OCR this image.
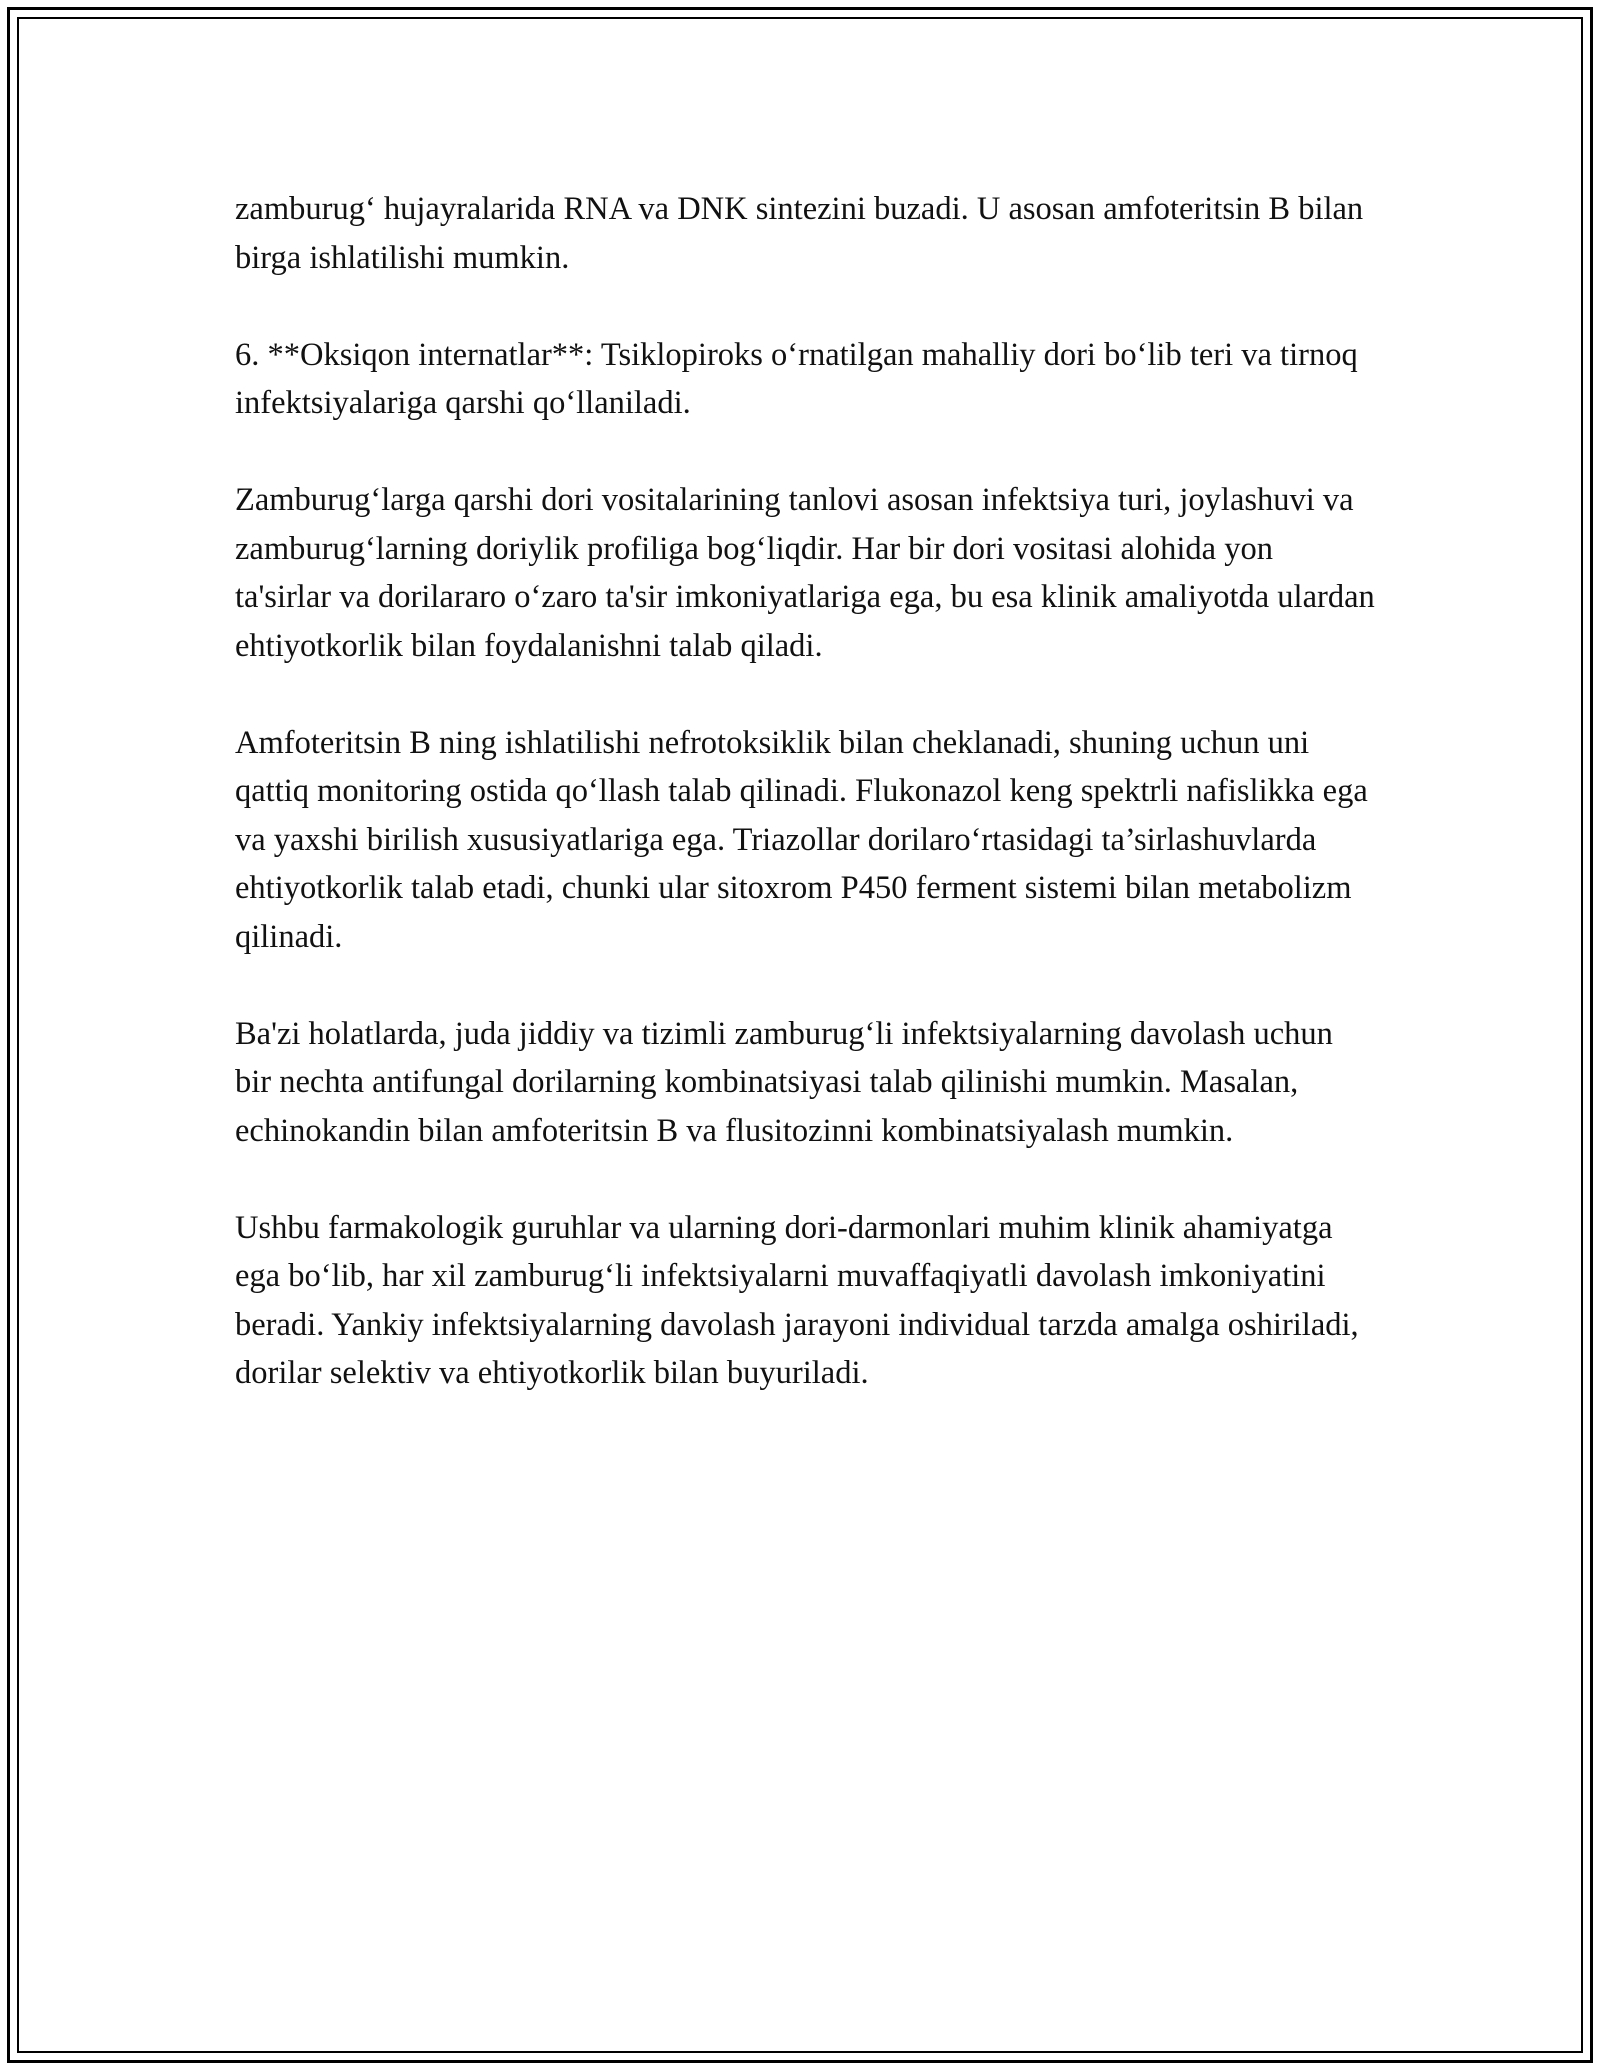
zamburug‘ hujayralarida RNA va DNK sintezini buzadi. U asosan amfoteritsin B bilan birga ishlatilishi mumkin.

6. **Oksiqon internatlar**: Tsiklopiroks o‘rnatilgan mahalliy dori bo‘lib teri va tirnoq infektsiyalariga qarshi qo‘llaniladi.

Zamburug‘larga qarshi dori vositalarining tanlovi asosan infektsiya turi, joylashuvi va zamburug‘larning doriylik profiliga bog‘liqdir. Har bir dori vositasi alohida yon ta'sirlar va dorilararo o‘zaro ta'sir imkoniyatlariga ega, bu esa klinik amaliyotda ulardan ehtiyotkorlik bilan foydalanishni talab qiladi.

Amfoteritsin B ning ishlatilishi nefrotoksiklik bilan cheklanadi, shuning uchun uni qattiq monitoring ostida qo‘llash talab qilinadi. Flukonazol keng spektrli nafislikka ega va yaxshi birilish xususiyatlariga ega. Triazollar dorilaro‘rtasidagi ta’sirlashuvlarda ehtiyotkorlik talab etadi, chunki ular sitoxrom P450 ferment sistemi bilan metabolizm qilinadi.

Ba'zi holatlarda, juda jiddiy va tizimli zamburug‘li infektsiyalarning davolash uchun bir nechta antifungal dorilarning kombinatsiyasi talab qilinishi mumkin. Masalan, echinokandin bilan amfoteritsin B va flusitozinni kombinatsiyalash mumkin.

Ushbu farmakologik guruhlar va ularning dori-darmonlari muhim klinik ahamiyatga ega bo‘lib, har xil zamburug‘li infektsiyalarni muvaffaqiyatli davolash imkoniyatini beradi. Yankiy infektsiyalarning davolash jarayoni individual tarzda amalga oshiriladi, dorilar selektiv va ehtiyotkorlik bilan buyuriladi.
